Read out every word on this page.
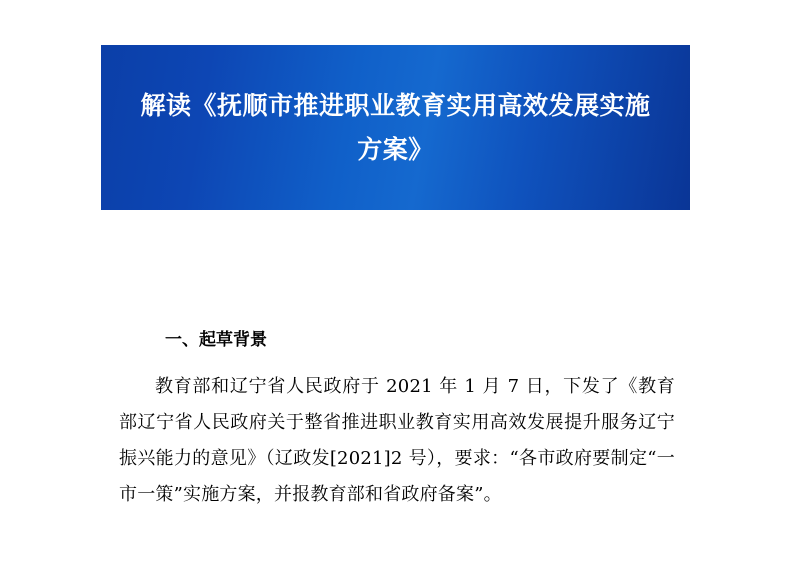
解读《抚顺市推进职业教育实用高效发展实施方案》
一、起草背景

教育部和辽宁省人民政府于 2021 年 1 月 7 日，下发了《教育部辽宁省人民政府关于整省推进职业教育实用高效发展提升服务辽宁振兴能力的意见》（辽政发[2021]2 号），要求：“各市政府要制定“一市一策”实施方案，并报教育部和省政府备案”。
